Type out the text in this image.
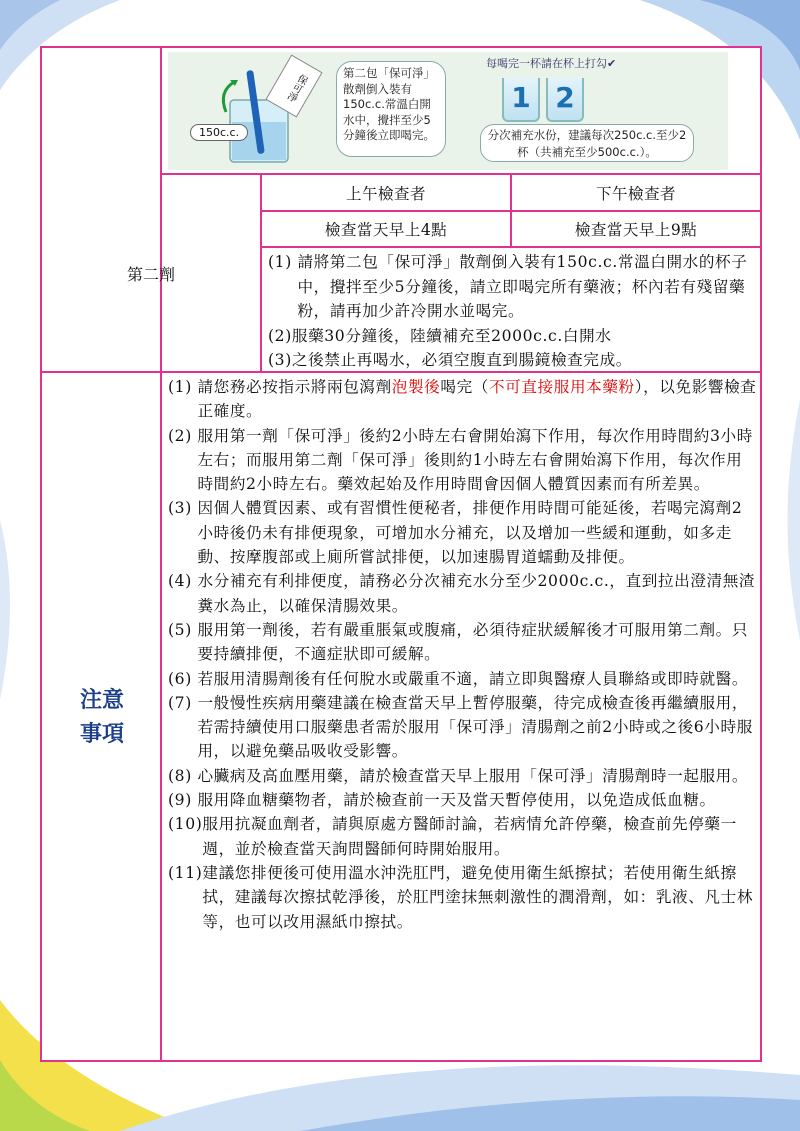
保可淨
150c.c.
第二包「保可淨」散劑倒入裝有150c.c.常溫白開水中，攪拌至少5分鐘後立即喝完。
每喝完一杯請在杯上打勾✔
1 2
分次補充水份，建議每次250c.c.至少2杯（共補充至少500c.c.）。
第二劑
上午檢查者	下午檢查者
檢查當天早上4點	檢查當天早上9點
(1) 請將第二包「保可淨」散劑倒入裝有150c.c.常溫白開水的杯子中，攪拌至少5分鐘後，請立即喝完所有藥液；杯內若有殘留藥粉，請再加少許冷開水並喝完。
(2) 服藥30分鐘後，陸續補充至2000c.c.白開水
(3) 之後禁止再喝水，必須空腹直到腸鏡檢查完成。
注意
事項
(1) 請您務必按指示將兩包瀉劑泡製後喝完（不可直接服用本藥粉），以免影響檢查　正確度。
(2) 服用第一劑「保可淨」後約2小時左右會開始瀉下作用，每次作用時間約3小時左右；而服用第二劑「保可淨」後則約1小時左右會開始瀉下作用，每次作用時間約2小時左右。藥效起始及作用時間會因個人體質因素而有所差異。
(3) 因個人體質因素、或有習慣性便秘者，排便作用時間可能延後，若喝完瀉劑2小時後仍未有排便現象，可增加水分補充，以及增加一些緩和運動，如多走動、按摩腹部或上廁所嘗試排便，以加速腸胃道蠕動及排便。
(4) 水分補充有利排便度，請務必分次補充水分至少2000c.c.，直到拉出澄清無渣糞水為止，以確保清腸效果。
(5) 服用第一劑後，若有嚴重脹氣或腹痛，必須待症狀緩解後才可服用第二劑。只要持續排便，不適症狀即可緩解。
(6) 若服用清腸劑後有任何脫水或嚴重不適，請立即與醫療人員聯絡或即時就醫。
(7) 一般慢性疾病用藥建議在檢查當天早上暫停服藥，待完成檢查後再繼續服用，若需持續使用口服藥患者需於服用「保可淨」清腸劑之前2小時或之後6小時服用，以避免藥品吸收受影響。
(8) 心臟病及高血壓用藥，請於檢查當天早上服用「保可淨」清腸劑時一起服用。
(9) 服用降血糖藥物者，請於檢查前一天及當天暫停使用，以免造成低血糖。
(10) 服用抗凝血劑者，請與原處方醫師討論，若病情允許停藥，檢查前先停藥一週，並於檢查當天詢問醫師何時開始服用。
(11) 建議您排便後可使用溫水沖洗肛門，避免使用衛生紙擦拭；若使用衛生紙擦拭，建議每次擦拭乾淨後，於肛門塗抹無刺激性的潤滑劑，如：乳液、凡士林等，也可以改用濕紙巾擦拭。
